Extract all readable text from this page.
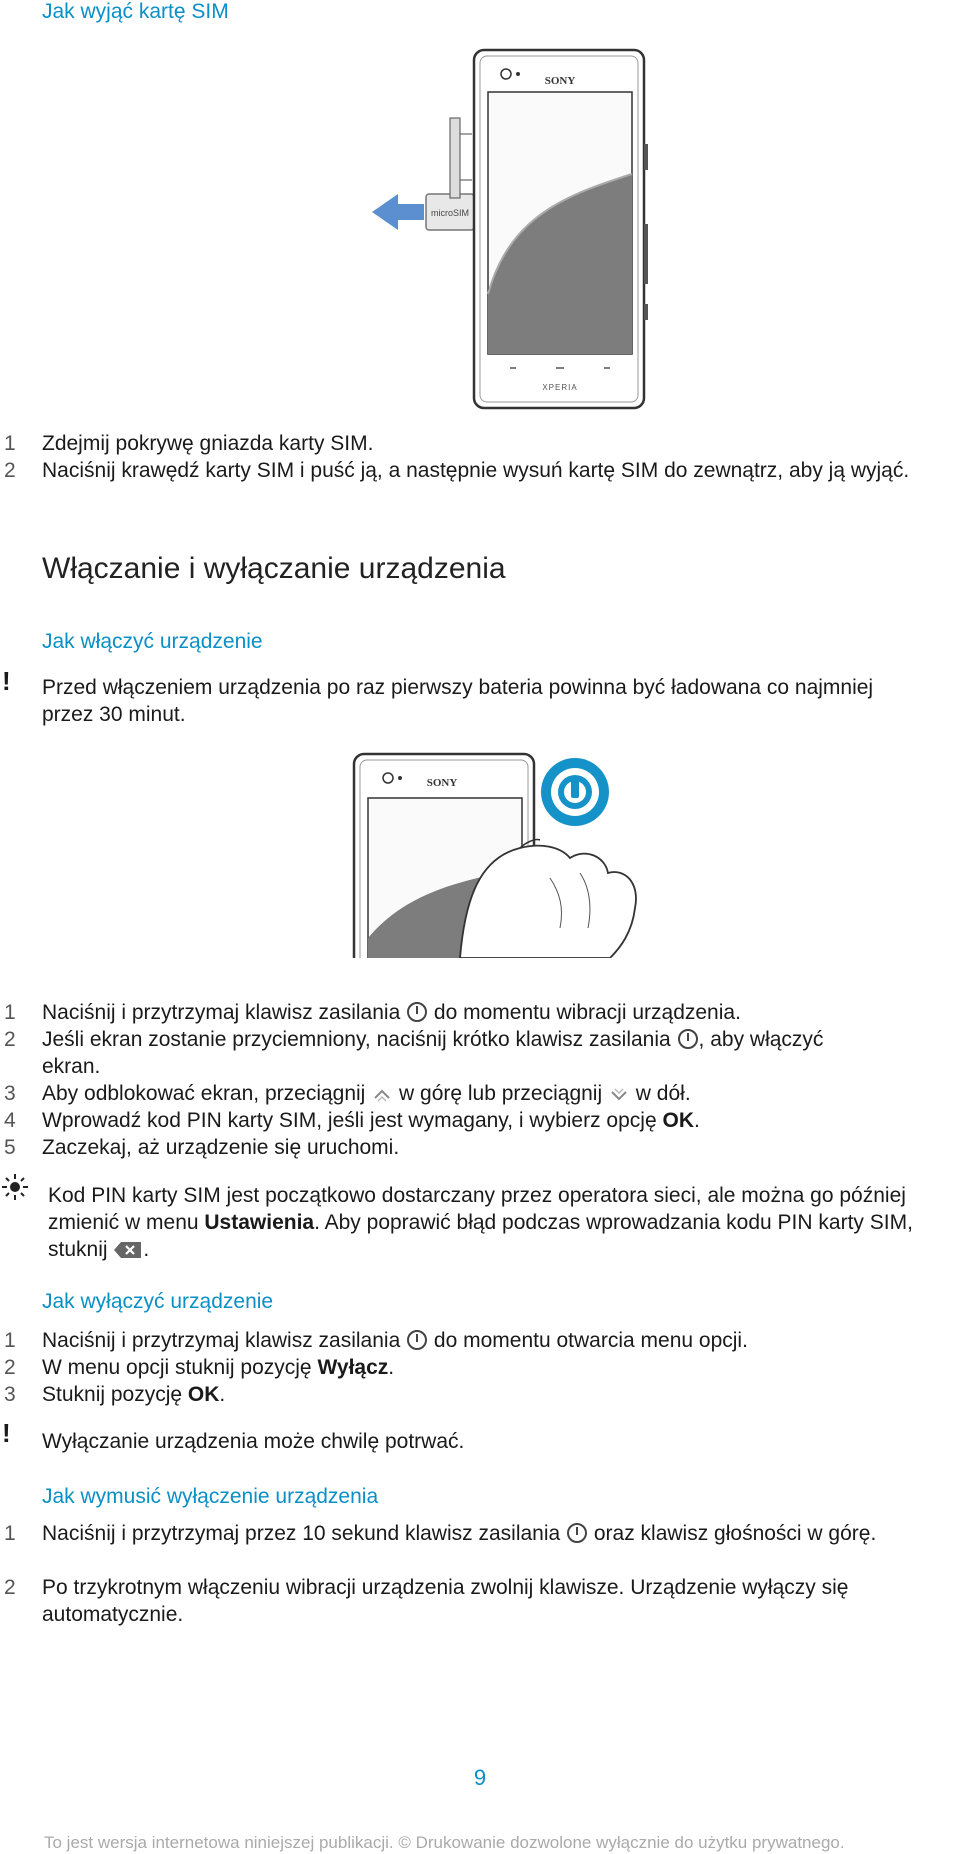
Jak wyjąć kartę SIM
microSIM
SONY
XPERIA
1 Zdejmij pokrywę gniazda karty SIM.
2 Naciśnij krawędź karty SIM i puść ją, a następnie wysuń kartę SIM do zewnątrz, aby ją wyjąć.
Włączanie i wyłączanie urządzenia
Jak włączyć urządzenie
! Przed włączeniem urządzenia po raz pierwszy bateria powinna być ładowana co najmniej przez 30 minut.
SONY
1 Naciśnij i przytrzymaj klawisz zasilania  do momentu wibracji urządzenia.
2 Jeśli ekran zostanie przyciemniony, naciśnij krótko klawisz zasilania , aby włączyć ekran.
3 Aby odblokować ekran, przeciągnij  w górę lub przeciągnij  w dół.
4 Wprowadź kod PIN karty SIM, jeśli jest wymagany, i wybierz opcję OK.
5 Zaczekaj, aż urządzenie się uruchomi.
Kod PIN karty SIM jest początkowo dostarczany przez operatora sieci, ale można go później zmienić w menu Ustawienia. Aby poprawić błąd podczas wprowadzania kodu PIN karty SIM, stuknij .
Jak wyłączyć urządzenie
1 Naciśnij i przytrzymaj klawisz zasilania  do momentu otwarcia menu opcji.
2 W menu opcji stuknij pozycję Wyłącz.
3 Stuknij pozycję OK.
! Wyłączanie urządzenia może chwilę potrwać.
Jak wymusić wyłączenie urządzenia
1 Naciśnij i przytrzymaj przez 10 sekund klawisz zasilania  oraz klawisz głośności w górę.
2 Po trzykrotnym włączeniu wibracji urządzenia zwolnij klawisze. Urządzenie wyłączy się automatycznie.
9
To jest wersja internetowa niniejszej publikacji. © Drukowanie dozwolone wyłącznie do użytku prywatnego.
